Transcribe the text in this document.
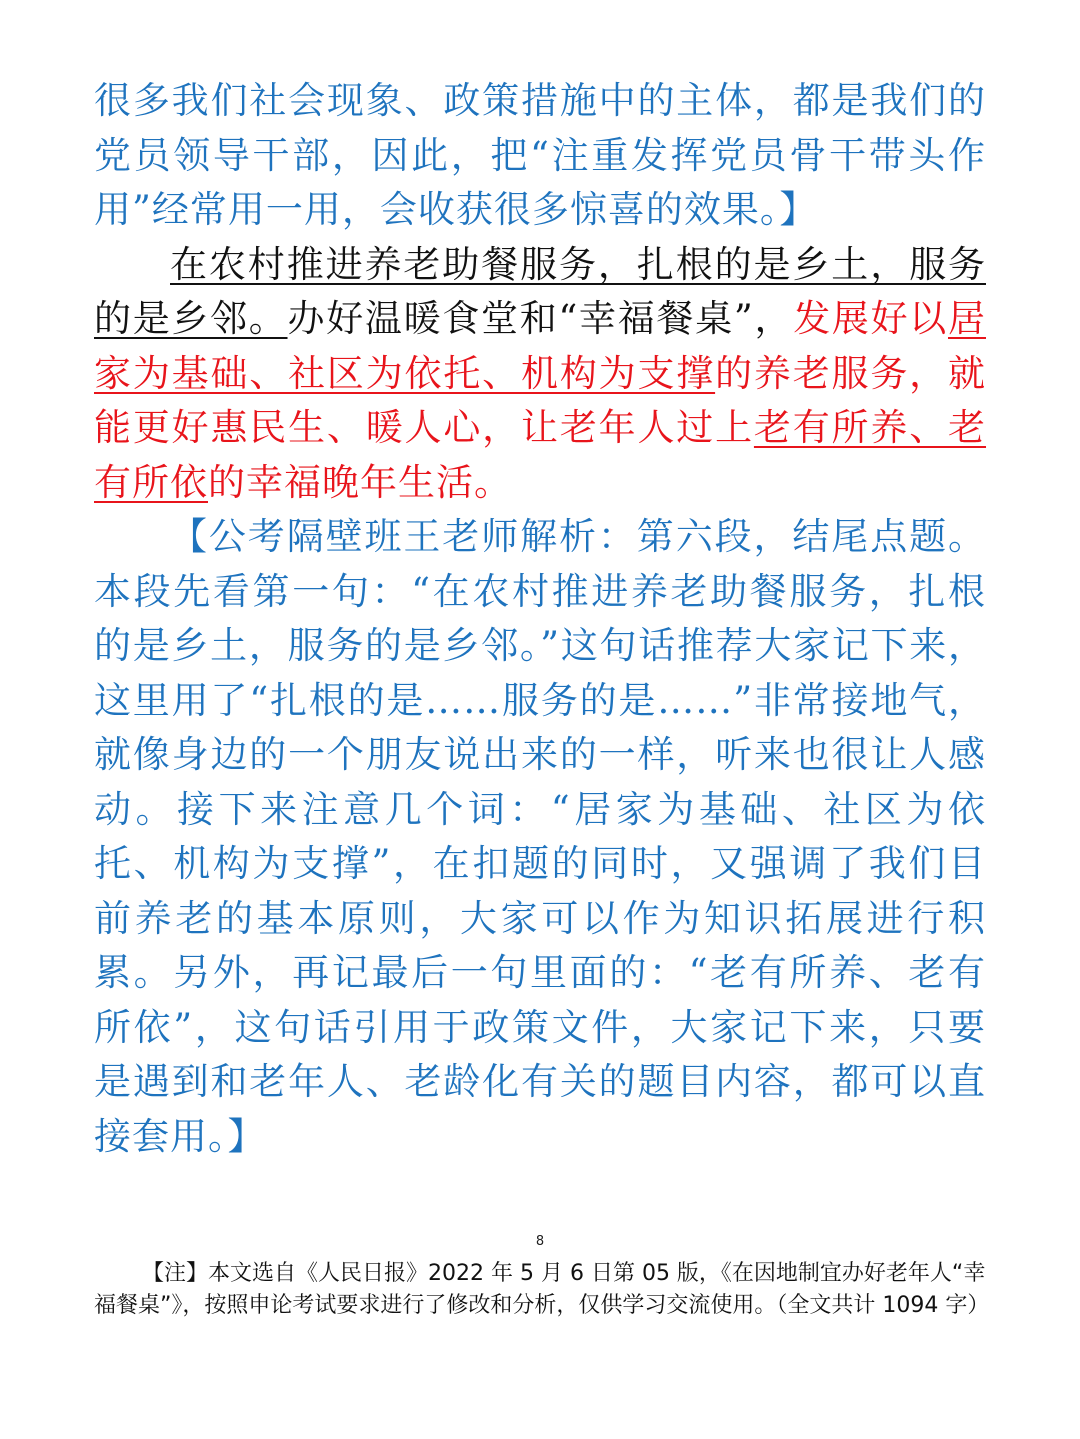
很多我们社会现象、政策措施中的主体，都是我们的党员领导干部，因此，把“注重发挥党员骨干带头作用”经常用一用，会收获很多惊喜的效果。】

在农村推进养老助餐服务，扎根的是乡土，服务的是乡邻。办好温暖食堂和“幸福餐桌”，发展好以居家为基础、社区为依托、机构为支撑的养老服务，就能更好惠民生、暖人心，让老年人过上老有所养、老有所依的幸福晚年生活。

【公考隔壁班王老师解析：第六段，结尾点题。本段先看第一句：“在农村推进养老助餐服务，扎根的是乡土，服务的是乡邻。”这句话推荐大家记下来，这里用了“扎根的是……服务的是……”非常接地气，就像身边的一个朋友说出来的一样，听来也很让人感动。接下来注意几个词：“居家为基础、社区为依托、机构为支撑”，在扣题的同时，又强调了我们目前养老的基本原则，大家可以作为知识拓展进行积累。另外，再记最后一句里面的：“老有所养、老有所依”，这句话引用于政策文件，大家记下来，只要是遇到和老年人、老龄化有关的题目内容，都可以直接套用。】

8
【注】本文选自《人民日报》2022 年 5 月 6 日第 05 版，《在因地制宜办好老年人“幸福餐桌”》，按照申论考试要求进行了修改和分析，仅供学习交流使用。（全文共计 1094 字）
